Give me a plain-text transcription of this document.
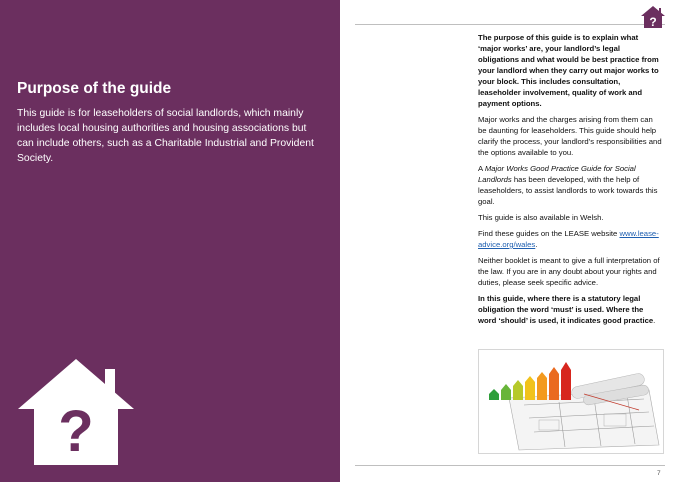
Purpose of the guide

This guide is for leaseholders of social landlords, which mainly includes local housing authorities and housing associations but can include others, such as a Charitable Industrial and Provident Society.

?
?

The purpose of this guide is to explain what ‘major works’ are, your landlord’s legal obligations and what would be best practice from your landlord when they carry out major works to your block. This includes consultation, leaseholder involvement, quality of work and payment options.

Major works and the charges arising from them can be daunting for leaseholders. This guide should help clarify the process, your landlord’s responsibilities and the options available to you.

A Major Works Good Practice Guide for Social Landlords has been developed, with the help of leaseholders, to assist landlords to work towards this goal.

This guide is also available in Welsh.

Find these guides on the LEASE website www.lease-advice.org/wales.

Neither booklet is meant to give a full interpretation of the law. If you are in any doubt about your rights and duties, please seek specific advice.

In this guide, where there is a statutory legal obligation the word ‘must’ is used. Where the word ‘should’ is used, it indicates good practice.

7
